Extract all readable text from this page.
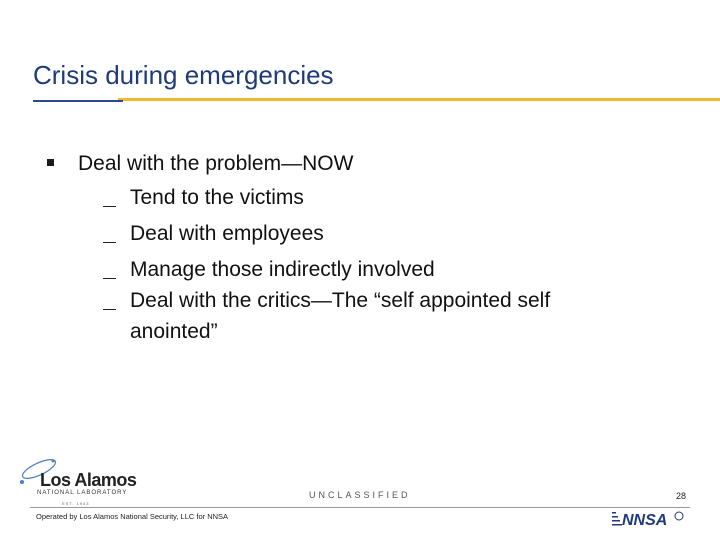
Crisis during emergencies
Deal with the problem—NOW
Tend to the victims
Deal with employees
Manage those indirectly involved
Deal with the critics—The “self appointed self
anointed”
Los Alamos
NATIONAL LABORATORY
EST. 1943
UNCLASSIFIED	28
Operated by Los Alamos National Security, LLC for NNSA	NNSA
